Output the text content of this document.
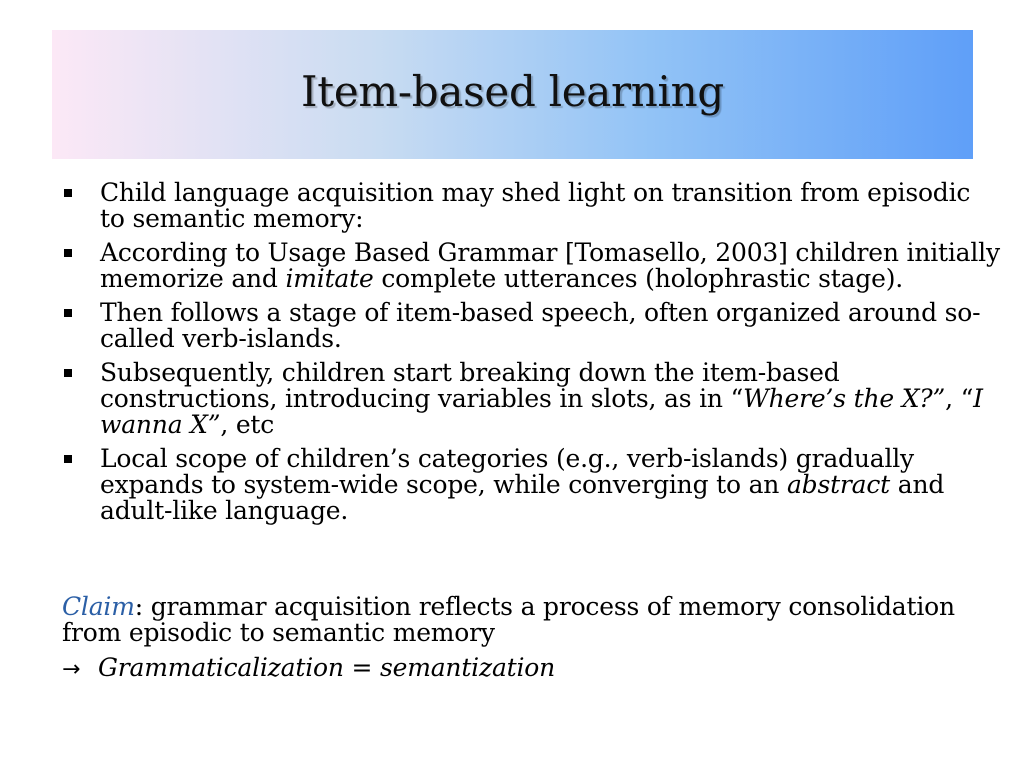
Item-based learning
Child language acquisition may shed light on transition from episodic to semantic memory:
According to Usage Based Grammar [Tomasello, 2003] children initially memorize and imitate complete utterances (holophrastic stage).
Then follows a stage of item-based speech, often organized around so-called verb-islands.
Subsequently, children start breaking down the item-based constructions, introducing variables in slots, as in “Where’s the X?”, “I wanna X”, etc
Local scope of children’s categories (e.g., verb-islands) gradually expands to system-wide scope, while converging to an abstract and adult-like language.
Claim: grammar acquisition reflects a process of memory consolidation from episodic to semantic memory
→ Grammaticalization = semantization
